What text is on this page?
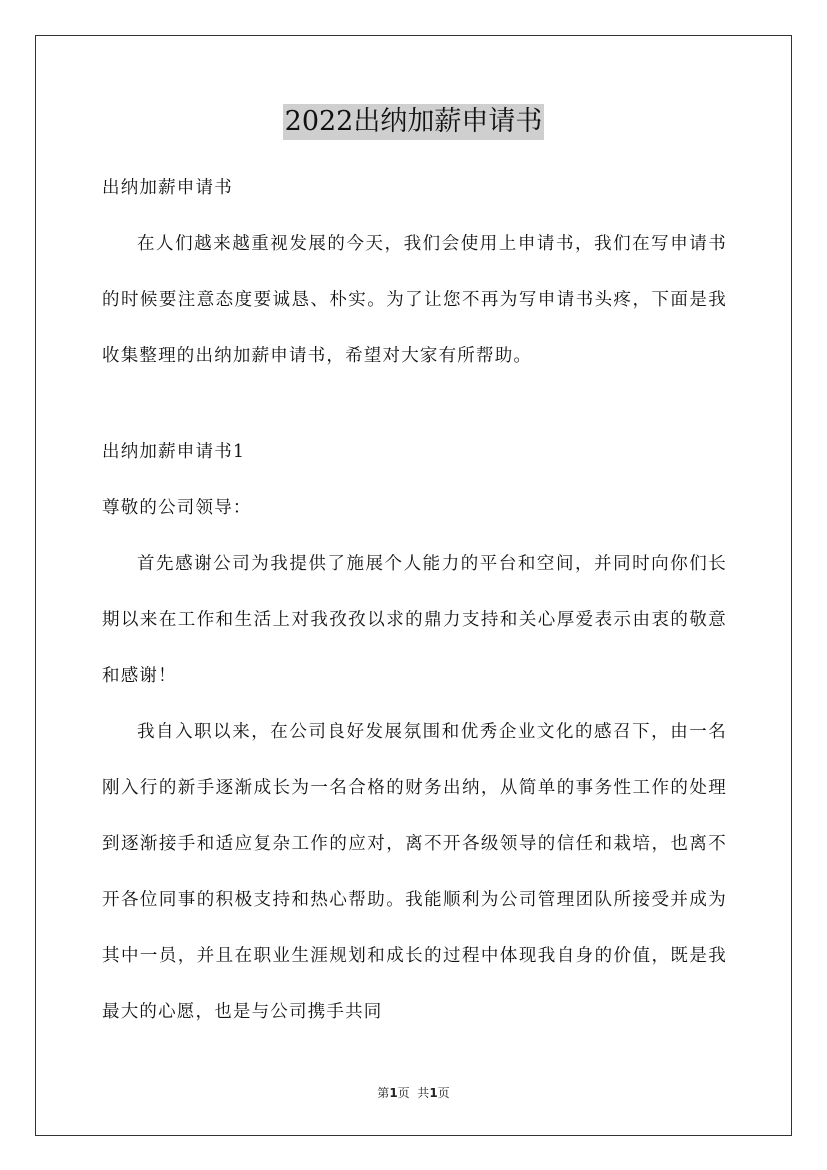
2022出纳加薪申请书
出纳加薪申请书

在人们越来越重视发展的今天，我们会使用上申请书，我们在写申请书的时候要注意态度要诚恳、朴实。为了让您不再为写申请书头疼，下面是我收集整理的出纳加薪申请书，希望对大家有所帮助。

出纳加薪申请书1
尊敬的公司领导：

首先感谢公司为我提供了施展个人能力的平台和空间，并同时向你们长期以来在工作和生活上对我孜孜以求的鼎力支持和关心厚爱表示由衷的敬意和感谢！

我自入职以来，在公司良好发展氛围和优秀企业文化的感召下，由一名刚入行的新手逐渐成长为一名合格的财务出纳，从简单的事务性工作的处理到逐渐接手和适应复杂工作的应对，离不开各级领导的信任和栽培，也离不开各位同事的积极支持和热心帮助。我能顺利为公司管理团队所接受并成为其中一员，并且在职业生涯规划和成长的过程中体现我自身的价值，既是我最大的心愿，也是与公司携手共同

第1页  共1页
